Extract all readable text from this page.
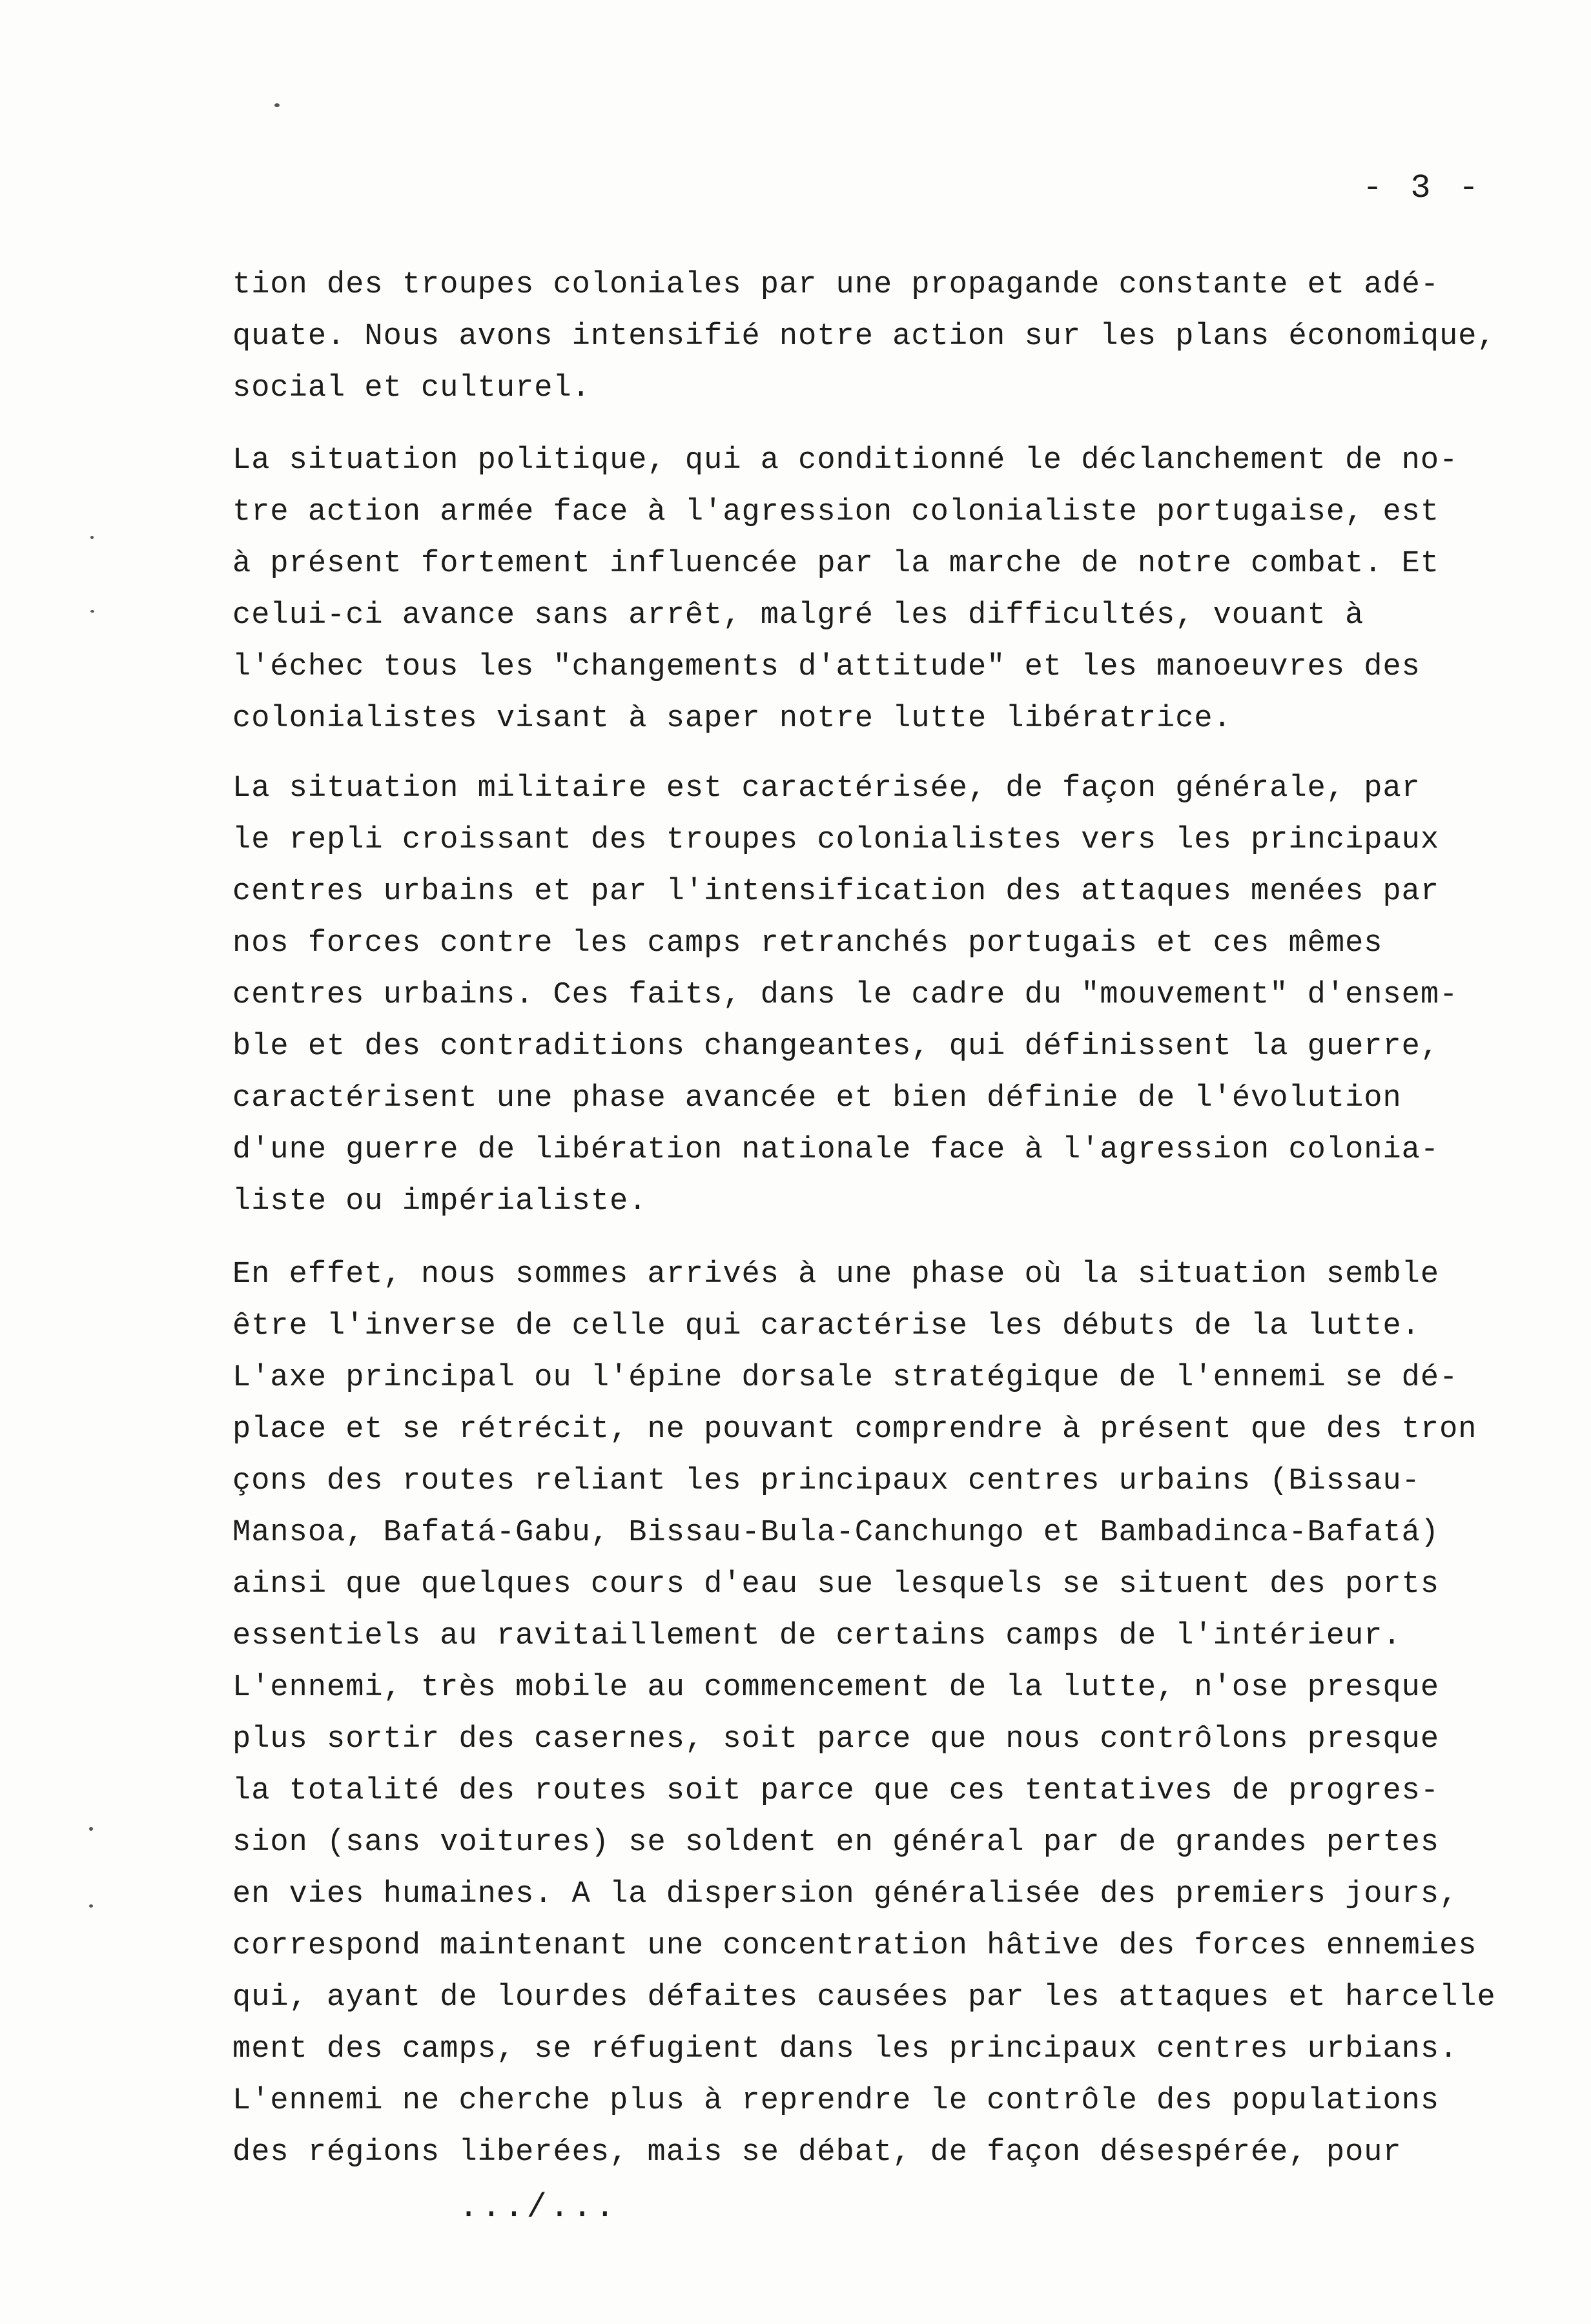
- 3 -
tion des troupes coloniales par une propagande constante et adé-
quate. Nous avons intensifié notre action sur les plans économique,
social et culturel.
La situation politique, qui a conditionné le déclanchement de no-
tre action armée face à l'agression colonialiste portugaise, est
à présent fortement influencée par la marche de notre combat. Et
celui-ci avance sans arrêt, malgré les difficultés, vouant à
l'échec tous les "changements d'attitude" et les manoeuvres des
colonialistes visant à saper notre lutte libératrice.
La situation militaire est caractérisée, de façon générale, par
le repli croissant des troupes colonialistes vers les principaux
centres urbains et par l'intensification des attaques menées par
nos forces contre les camps retranchés portugais et ces mêmes
centres urbains. Ces faits, dans le cadre du "mouvement" d'ensem-
ble et des contraditions changeantes, qui définissent la guerre,
caractérisent une phase avancée et bien définie de l'évolution
d'une guerre de libération nationale face à l'agression colonia-
liste ou impérialiste.
En effet, nous sommes arrivés à une phase où la situation semble
être l'inverse de celle qui caractérise les débuts de la lutte.
L'axe principal ou l'épine dorsale stratégique de l'ennemi se dé-
place et se rétrécit, ne pouvant comprendre à présent que des tron
çons des routes reliant les principaux centres urbains (Bissau-
Mansoa, Bafatá-Gabu, Bissau-Bula-Canchungo et Bambadinca-Bafatá)
ainsi que quelques cours d'eau sue lesquels se situent des ports
essentiels au ravitaillement de certains camps de l'intérieur.
L'ennemi, très mobile au commencement de la lutte, n'ose presque
plus sortir des casernes, soit parce que nous contrôlons presque
la totalité des routes soit parce que ces tentatives de progres-
sion (sans voitures) se soldent en général par de grandes pertes
en vies humaines. A la dispersion généralisée des premiers jours,
correspond maintenant une concentration hâtive des forces ennemies
qui, ayant de lourdes défaites causées par les attaques et harcelle
ment des camps, se réfugient dans les principaux centres urbians.
L'ennemi ne cherche plus à reprendre le contrôle des populations
des régions liberées, mais se débat, de façon désespérée, pour
.../...
